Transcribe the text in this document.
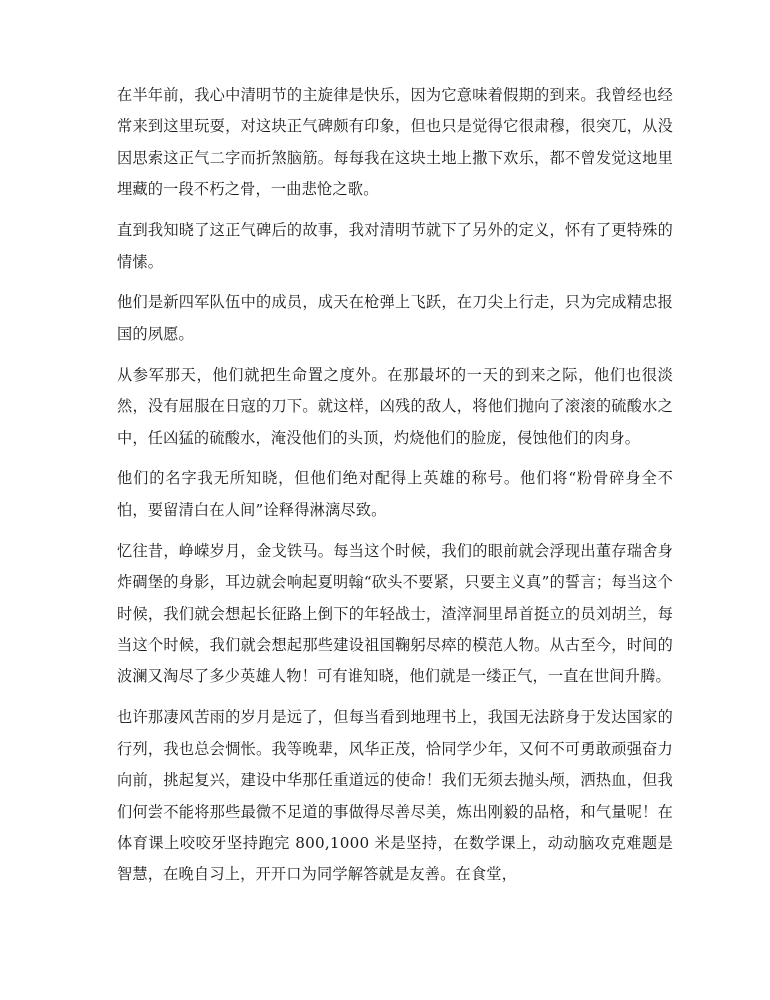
在半年前，我心中清明节的主旋律是快乐，因为它意味着假期的到来。我曾经也经常来到这里玩耍，对这块正气碑颇有印象，但也只是觉得它很肃穆，很突兀，从没因思索这正气二字而折煞脑筋。每每我在这块土地上撒下欢乐，都不曾发觉这地里埋藏的一段不朽之骨，一曲悲怆之歌。

直到我知晓了这正气碑后的故事，我对清明节就下了另外的定义，怀有了更特殊的情愫。

他们是新四军队伍中的成员，成天在枪弹上飞跃，在刀尖上行走，只为完成精忠报国的夙愿。

从参军那天，他们就把生命置之度外。在那最坏的一天的到来之际，他们也很淡然，没有屈服在日寇的刀下。就这样，凶残的敌人，将他们抛向了滚滚的硫酸水之中，任凶猛的硫酸水，淹没他们的头顶，灼烧他们的脸庞，侵蚀他们的肉身。

他们的名字我无所知晓，但他们绝对配得上英雄的称号。他们将“粉骨碎身全不怕，要留清白在人间”诠释得淋漓尽致。

忆往昔，峥嵘岁月，金戈铁马。每当这个时候，我们的眼前就会浮现出董存瑞舍身炸碉堡的身影，耳边就会响起夏明翰“砍头不要紧，只要主义真”的誓言；每当这个时候，我们就会想起长征路上倒下的年轻战士，渣滓洞里昂首挺立的员刘胡兰，每当这个时候，我们就会想起那些建设祖国鞠躬尽瘁的模范人物。从古至今，时间的波澜又淘尽了多少英雄人物！可有谁知晓，他们就是一缕正气，一直在世间升腾。

也许那凄风苦雨的岁月是远了，但每当看到地理书上，我国无法跻身于发达国家的行列，我也总会惆怅。我等晚辈，风华正茂，恰同学少年，又何不可勇敢顽强奋力向前，挑起复兴，建设中华那任重道远的使命！我们无须去抛头颅，洒热血，但我们何尝不能将那些最微不足道的事做得尽善尽美，炼出刚毅的品格，和气量呢！在体育课上咬咬牙坚持跑完 800,1000 米是坚持，在数学课上，动动脑攻克难题是智慧，在晚自习上，开开口为同学解答就是友善。在食堂，
